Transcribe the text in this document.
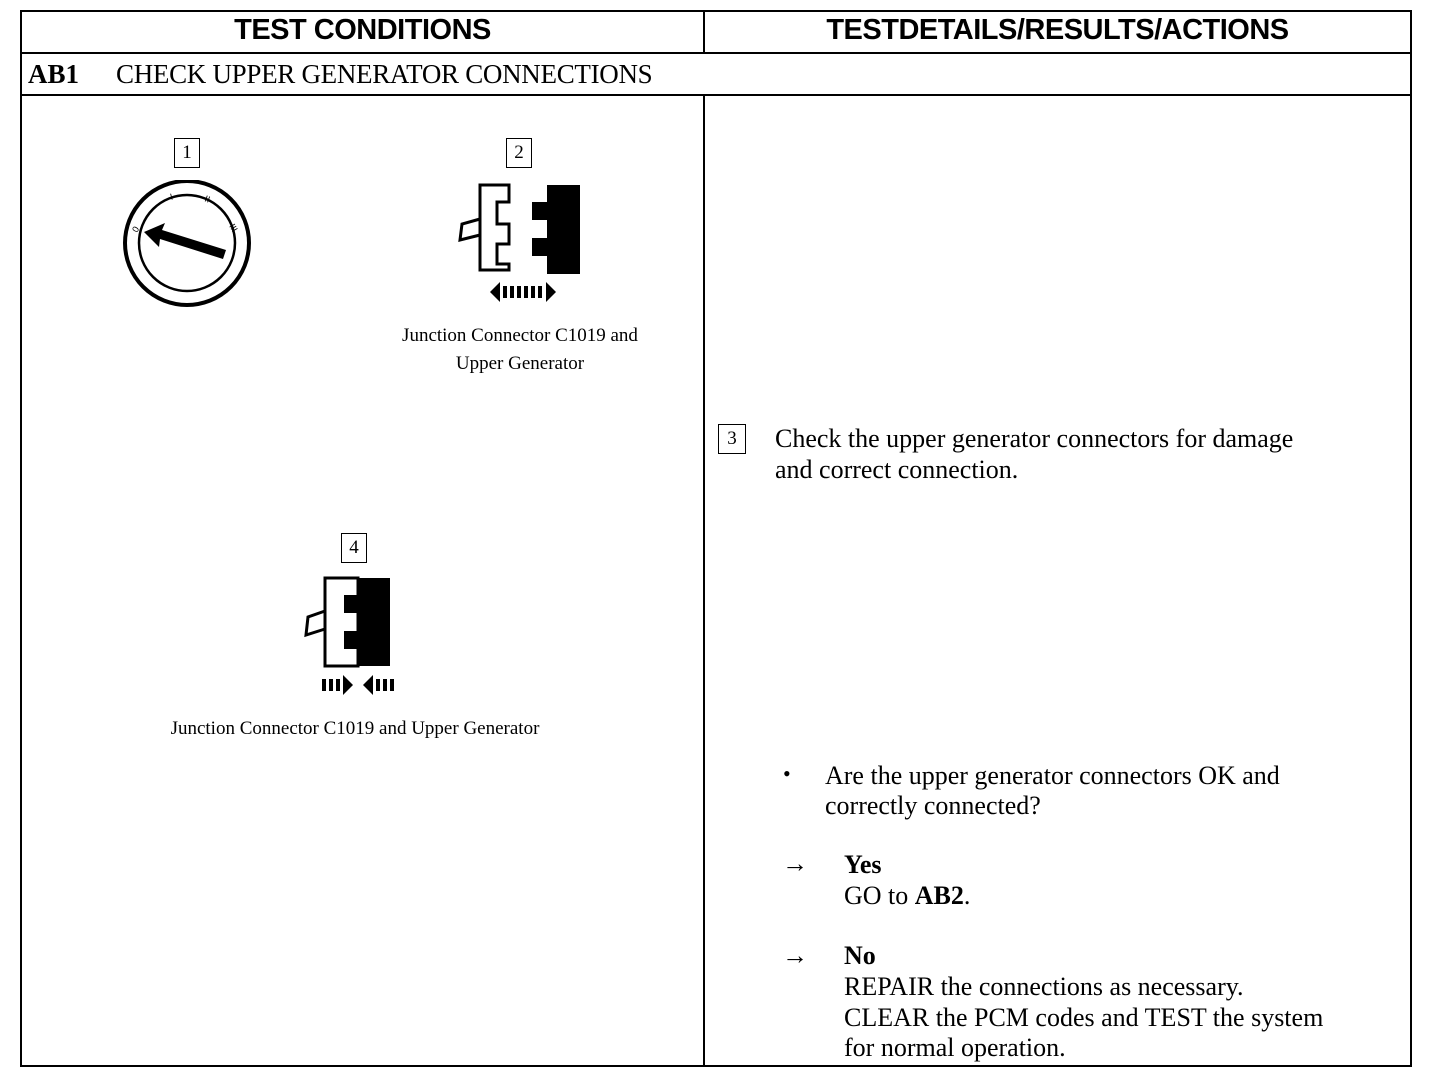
TEST CONDITIONS	TESTDETAILS/RESULTS/ACTIONS
AB1 CHECK UPPER GENERATOR CONNECTIONS
1
0
I	II
III
2
Junction Connector C1019 and
Upper Generator
4
Junction Connector C1019 and Upper Generator
3	Check the upper generator connectors for damage
and correct connection.
• Are the upper generator connectors OK and
correctly connected?
→ Yes
GO to AB2.
→ No
REPAIR the connections as necessary.
CLEAR the PCM codes and TEST the system
for normal operation.
